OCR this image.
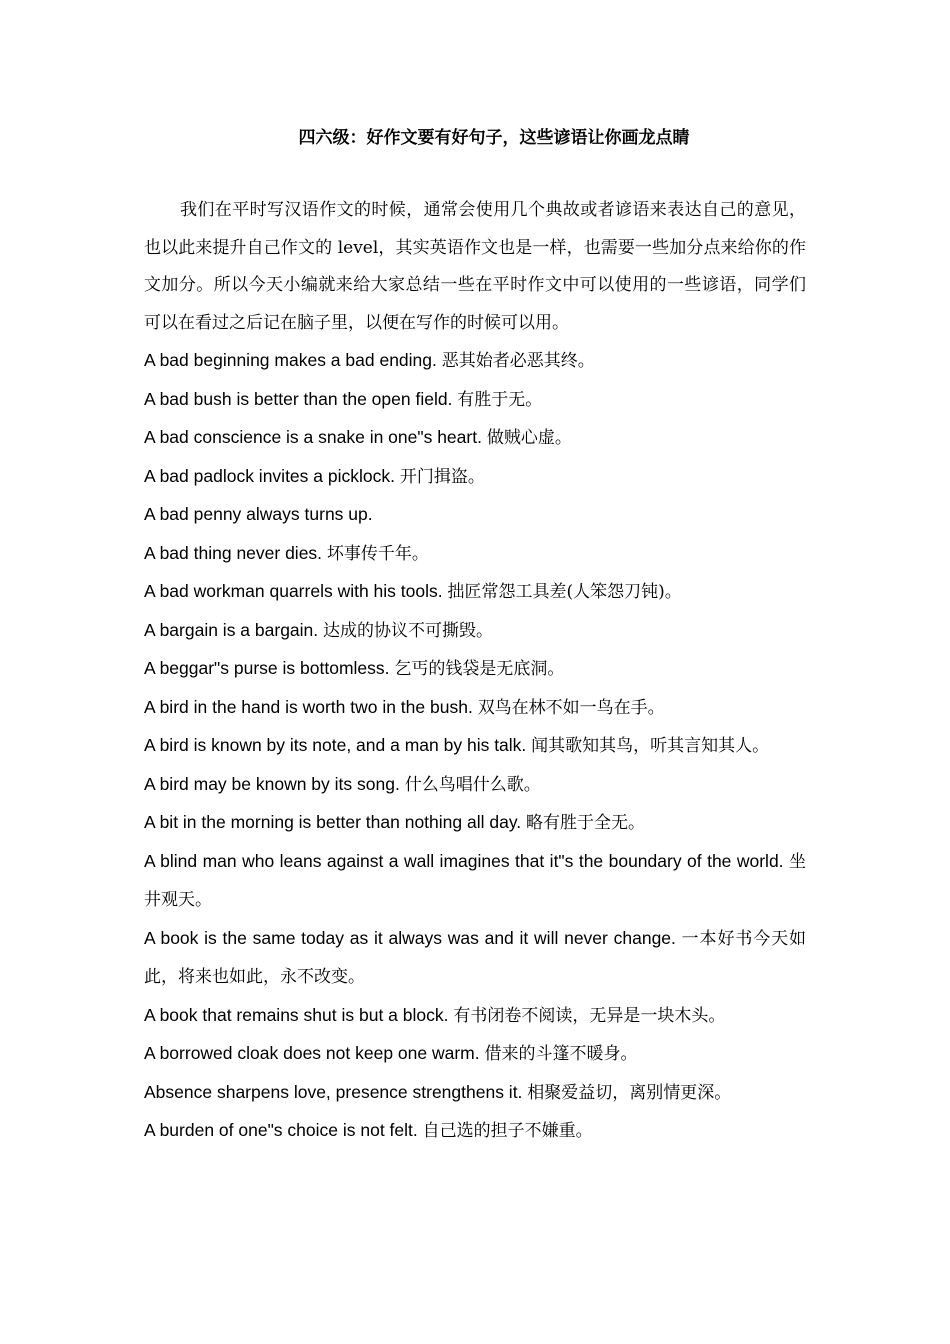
四六级：好作文要有好句子，这些谚语让你画龙点睛

我们在平时写汉语作文的时候，通常会使用几个典故或者谚语来表达自己的意见，也以此来提升自己作文的 level，其实英语作文也是一样，也需要一些加分点来给你的作文加分。所以今天小编就来给大家总结一些在平时作文中可以使用的一些谚语，同学们可以在看过之后记在脑子里，以便在写作的时候可以用。

A bad beginning makes a bad ending. 恶其始者必恶其终。

A bad bush is better than the open field. 有胜于无。

A bad conscience is a snake in one"s heart. 做贼心虚。

A bad padlock invites a picklock. 开门揖盗。

A bad penny always turns up.

A bad thing never dies. 坏事传千年。

A bad workman quarrels with his tools. 拙匠常怨工具差(人笨怨刀钝)。

A bargain is a bargain. 达成的协议不可撕毁。

A beggar"s purse is bottomless. 乞丐的钱袋是无底洞。

A bird in the hand is worth two in the bush. 双鸟在林不如一鸟在手。

A bird is known by its note, and a man by his talk. 闻其歌知其鸟，听其言知其人。

A bird may be known by its song. 什么鸟唱什么歌。

A bit in the morning is better than nothing all day. 略有胜于全无。

A blind man who leans against a wall imagines that it"s the boundary of the world. 坐井观天。

A book is the same today as it always was and it will never change. 一本好书今天如此，将来也如此，永不改变。

A book that remains shut is but a block. 有书闭卷不阅读，无异是一块木头。

A borrowed cloak does not keep one warm. 借来的斗篷不暖身。

Absence sharpens love, presence strengthens it. 相聚爱益切，离别情更深。

A burden of one"s choice is not felt. 自己选的担子不嫌重。
